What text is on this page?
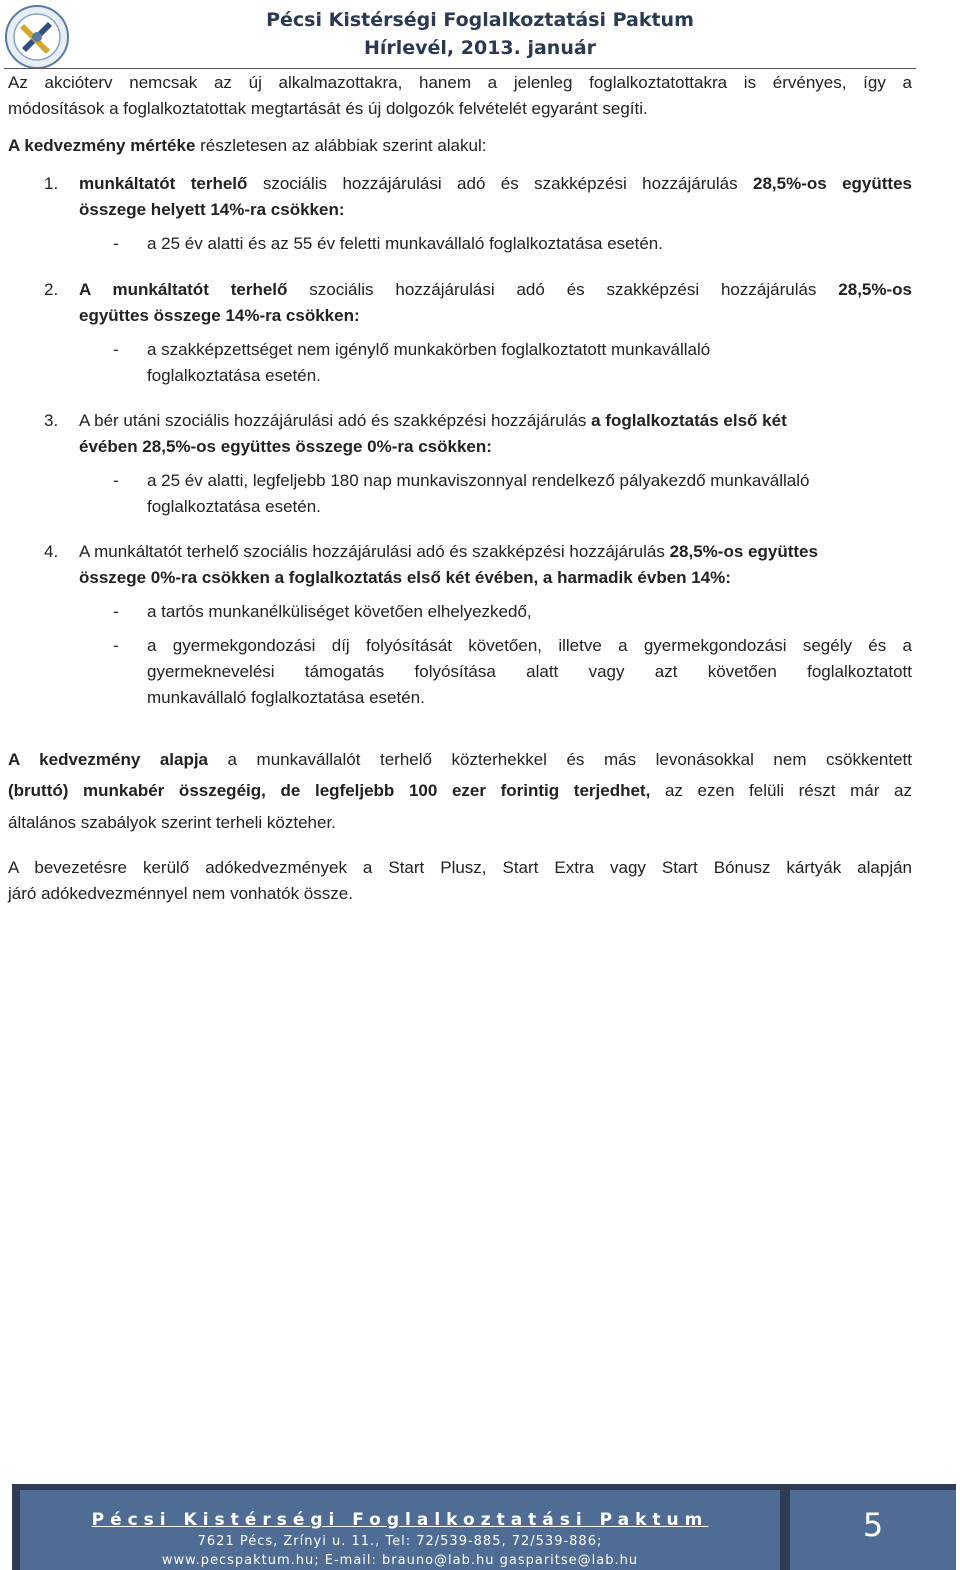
Pécsi Kistérségi Foglalkoztatási Paktum
Hírlevél, 2013. január
Az akcióterv nemcsak az új alkalmazottakra, hanem a jelenleg foglalkoztatottakra is érvényes, így a
módosítások a foglalkoztatottak megtartását és új dolgozók felvételét egyaránt segíti.
A kedvezmény mértéke részletesen az alábbiak szerint alakul:
1. munkáltatót terhelő szociális hozzájárulási adó és szakképzési hozzájárulás 28,5%-os együttes
összege helyett 14%-ra csökken:
- a 25 év alatti és az 55 év feletti munkavállaló foglalkoztatása esetén.
2. A munkáltatót terhelő szociális hozzájárulási adó és szakképzési hozzájárulás 28,5%-os
együttes összege 14%-ra csökken:
- a szakképzettséget nem igénylő munkakörben foglalkoztatott munkavállaló
foglalkoztatása esetén.
3. A bér utáni szociális hozzájárulási adó és szakképzési hozzájárulás a foglalkoztatás első két
évében 28,5%-os együttes összege 0%-ra csökken:
- a 25 év alatti, legfeljebb 180 nap munkaviszonnyal rendelkező pályakezdő munkavállaló
foglalkoztatása esetén.
4. A munkáltatót terhelő szociális hozzájárulási adó és szakképzési hozzájárulás 28,5%-os együttes
összege 0%-ra csökken a foglalkoztatás első két évében, a harmadik évben 14%:
- a tartós munkanélküliséget követően elhelyezkedő,
- a gyermekgondozási díj folyósítását követően, illetve a gyermekgondozási segély és a
gyermeknevelési támogatás folyósítása alatt vagy azt követően foglalkoztatott
munkavállaló foglalkoztatása esetén.
A kedvezmény alapja a munkavállalót terhelő közterhekkel és más levonásokkal nem csökkentett
(bruttó) munkabér összegéig, de legfeljebb 100 ezer forintig terjedhet, az ezen felüli részt már az
általános szabályok szerint terheli közteher.
A bevezetésre kerülő adókedvezmények a Start Plusz, Start Extra vagy Start Bónusz kártyák alapján
járó adókedvezménnyel nem vonhatók össze.
Pécsi Kistérségi Foglalkoztatási Paktum
7621 Pécs, Zrínyi u. 11., Tel: 72/539-885, 72/539-886;
www.pecspaktum.hu; E-mail: brauno@lab.hu gasparitse@lab.hu
5
